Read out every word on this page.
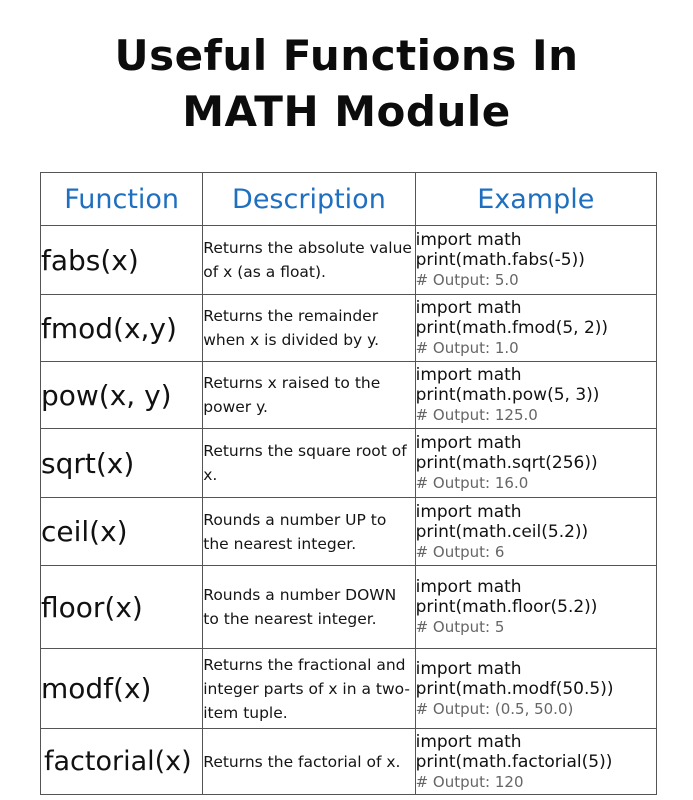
Useful Functions In
MATH Module
Function	Description	Example
fabs(x)	Returns the absolute value of x (as a float).	import math
print(math.fabs(-5))
# Output: 5.0

fmod(x,y)	Returns the remainder when x is divided by y.	import math
print(math.fmod(5, 2))
# Output: 1.0

pow(x, y)	Returns x raised to the power y.	import math
print(math.pow(5, 3))
# Output: 125.0

sqrt(x)	Returns the square root of x.	import math
print(math.sqrt(256))
# Output: 16.0

ceil(x)	Rounds a number UP to the nearest integer.	import math
print(math.ceil(5.2))
# Output: 6

floor(x)	Rounds a number DOWN to the nearest integer.	import math
print(math.floor(5.2))
# Output: 5

modf(x)	Returns the fractional and integer parts of x in a two-item tuple.	import math
print(math.modf(50.5))
# Output: (0.5, 50.0)

factorial(x)	Returns the factorial of x.	import math
print(math.factorial(5))
# Output: 120
